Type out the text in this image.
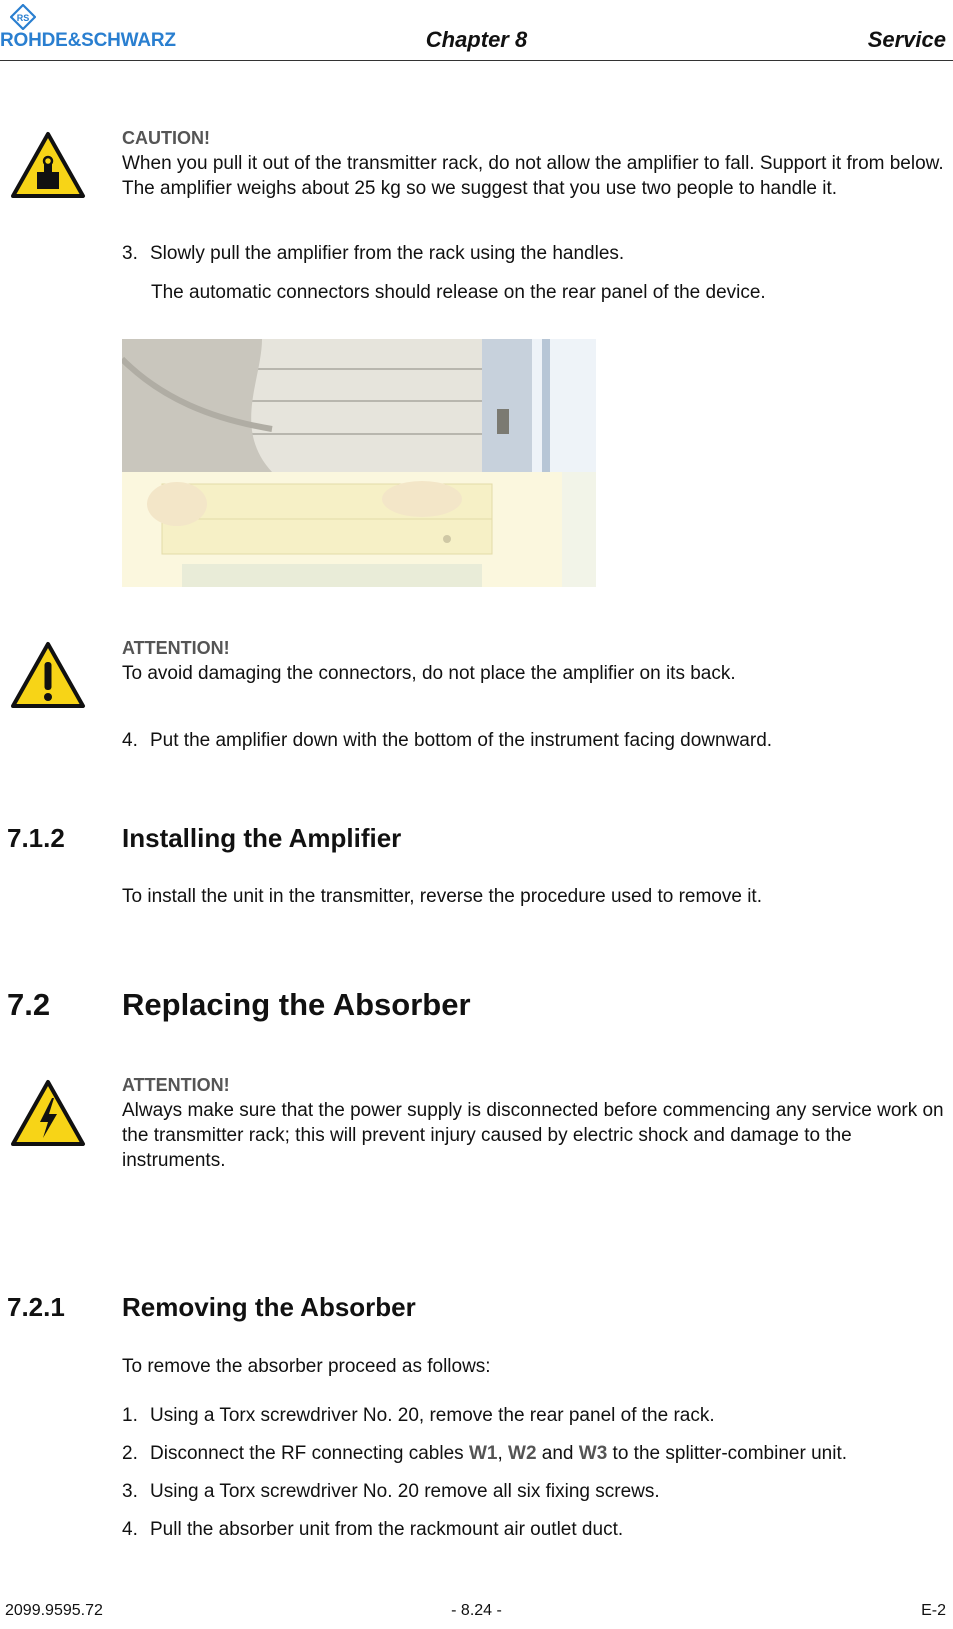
RS
ROHDE&SCHWARZ	Chapter 8	Service
CAUTION!
When you pull it out of the transmitter rack, do not allow the amplifier to fall. Support it from below. The amplifier weighs about 25 kg so we suggest that you use two people to handle it.
3. Slowly pull the amplifier from the rack using the handles.
The automatic connectors should release on the rear panel of the device.
ATTENTION!
To avoid damaging the connectors, do not place the amplifier on its back.
4. Put the amplifier down with the bottom of the instrument facing downward.
7.1.2 Installing the Amplifier
To install the unit in the transmitter, reverse the procedure used to remove it.
7.2 Replacing the Absorber
ATTENTION!
Always make sure that the power supply is disconnected before commencing any service work on the transmitter rack; this will prevent injury caused by electric shock and damage to the instruments.
7.2.1 Removing the Absorber
To remove the absorber proceed as follows:
1. Using a Torx screwdriver No. 20, remove the rear panel of the rack.
2. Disconnect the RF connecting cables W1, W2 and W3 to the splitter-combiner unit.
3. Using a Torx screwdriver No. 20 remove all six fixing screws.
4. Pull the absorber unit from the rackmount air outlet duct.
2099.9595.72	- 8.24 -	E-2
